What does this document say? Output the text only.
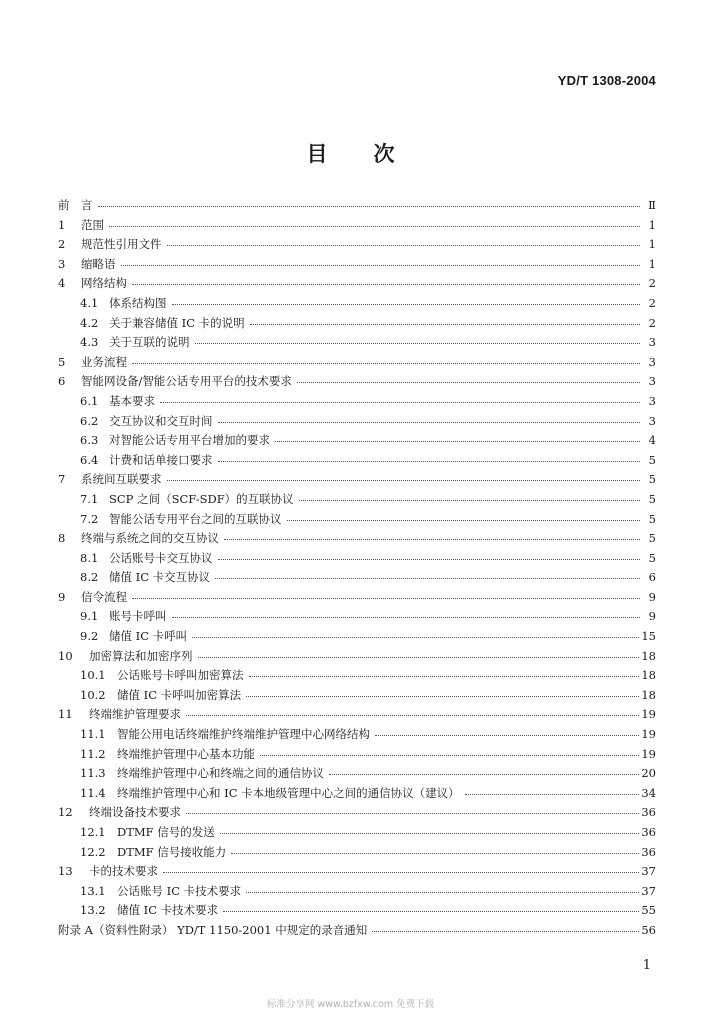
YD/T 1308-2004
目 次
前	言	Ⅱ
1	范围	1
2	规范性引用文件	1
3	缩略语	1
4	网络结构	2
4.1 体系结构图	2
4.2 关于兼容储值 IC 卡的说明	2
4.3 关于互联的说明	3
5	业务流程	3
6	智能网设备/智能公话专用平台的技术要求	3
6.1 基本要求	3
6.2 交互协议和交互时间	3
6.3 对智能公话专用平台增加的要求	4
6.4 计费和话单接口要求	5
7	系统间互联要求	5
7.1 SCP 之间（SCF-SDF）的互联协议	5
7.2 智能公话专用平台之间的互联协议	5
8	终端与系统之间的交互协议	5
8.1 公话账号卡交互协议	5
8.2 储值 IC 卡交互协议	6
9	信令流程	9
9.1 账号卡呼叫	9
9.2 储值 IC 卡呼叫	15
10	加密算法和加密序列	18
10.1 公话账号卡呼叫加密算法	18
10.2 储值 IC 卡呼叫加密算法	18
11	终端维护管理要求	19
11.1 智能公用电话终端维护终端维护管理中心网络结构	19
11.2 终端维护管理中心基本功能	19
11.3 终端维护管理中心和终端之间的通信协议	20
11.4 终端维护管理中心和 IC 卡本地级管理中心之间的通信协议（建议）	34
12	终端设备技术要求	36
12.1 DTMF 信号的发送	36
12.2 DTMF 信号接收能力	36
13	卡的技术要求	37
13.1 公话账号 IC 卡技术要求	37
13.2 储值 IC 卡技术要求	55
附录 A（资料性附录） YD/T 1150-2001 中规定的录音通知	56
1
标准分享网 www.bzfxw.com 免费下载
